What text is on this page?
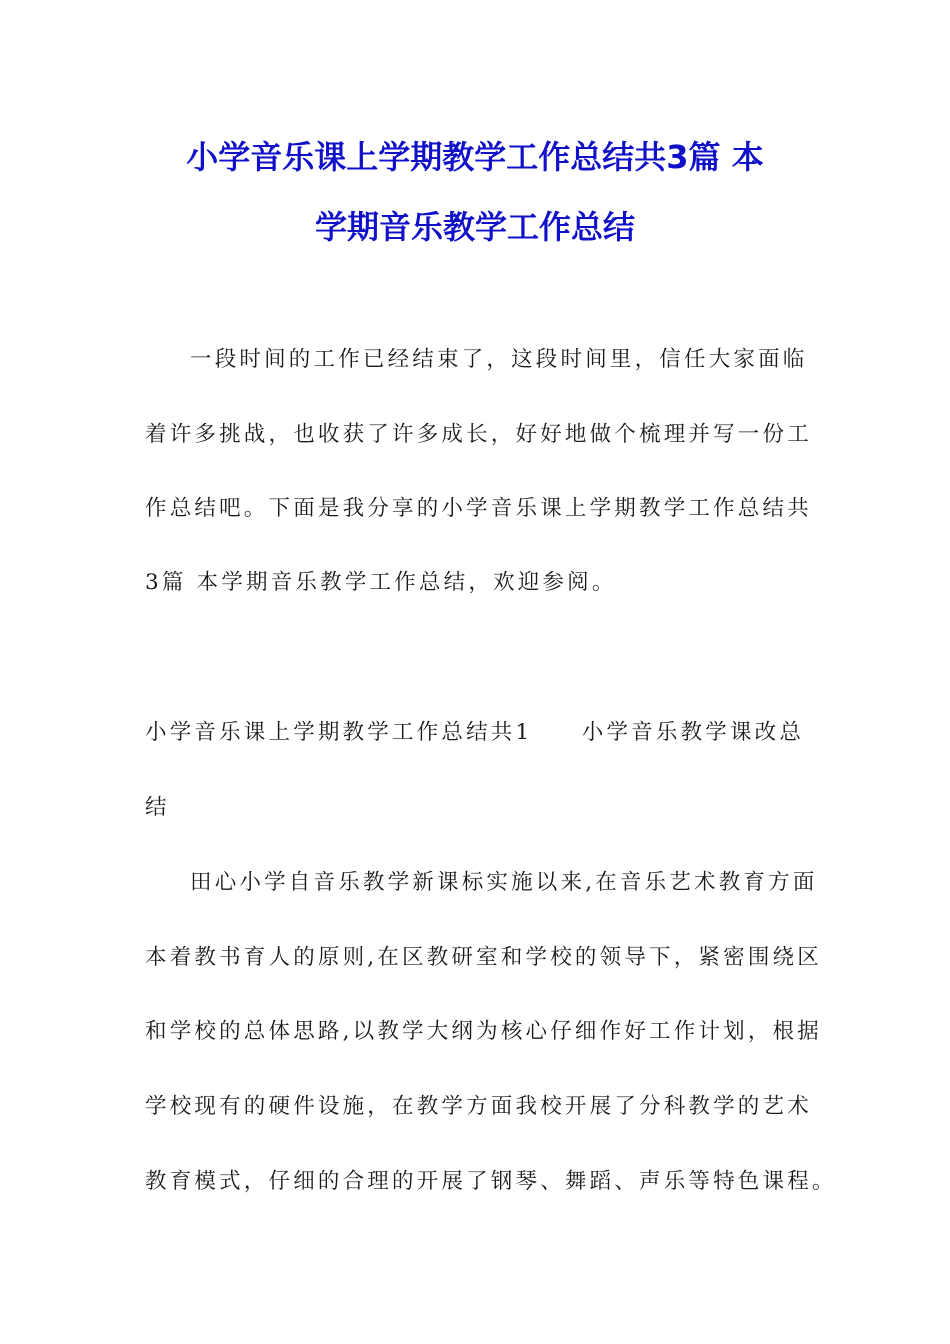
小学音乐课上学期教学工作总结共3篇 本
学期音乐教学工作总结
一段时间的工作已经结束了，这段时间里，信任大家面临
着许多挑战，也收获了许多成长，好好地做个梳理并写一份工
作总结吧。下面是我分享的小学音乐课上学期教学工作总结共
3篇 本学期音乐教学工作总结，欢迎参阅。
小学音乐课上学期教学工作总结共1　　小学音乐教学课改总
结
田心小学自音乐教学新课标实施以来,在音乐艺术教育方面
本着教书育人的原则,在区教研室和学校的领导下，紧密围绕区
和学校的总体思路,以教学大纲为核心仔细作好工作计划，根据
学校现有的硬件设施，在教学方面我校开展了分科教学的艺术
教育模式，仔细的合理的开展了钢琴、舞蹈、声乐等特色课程。
